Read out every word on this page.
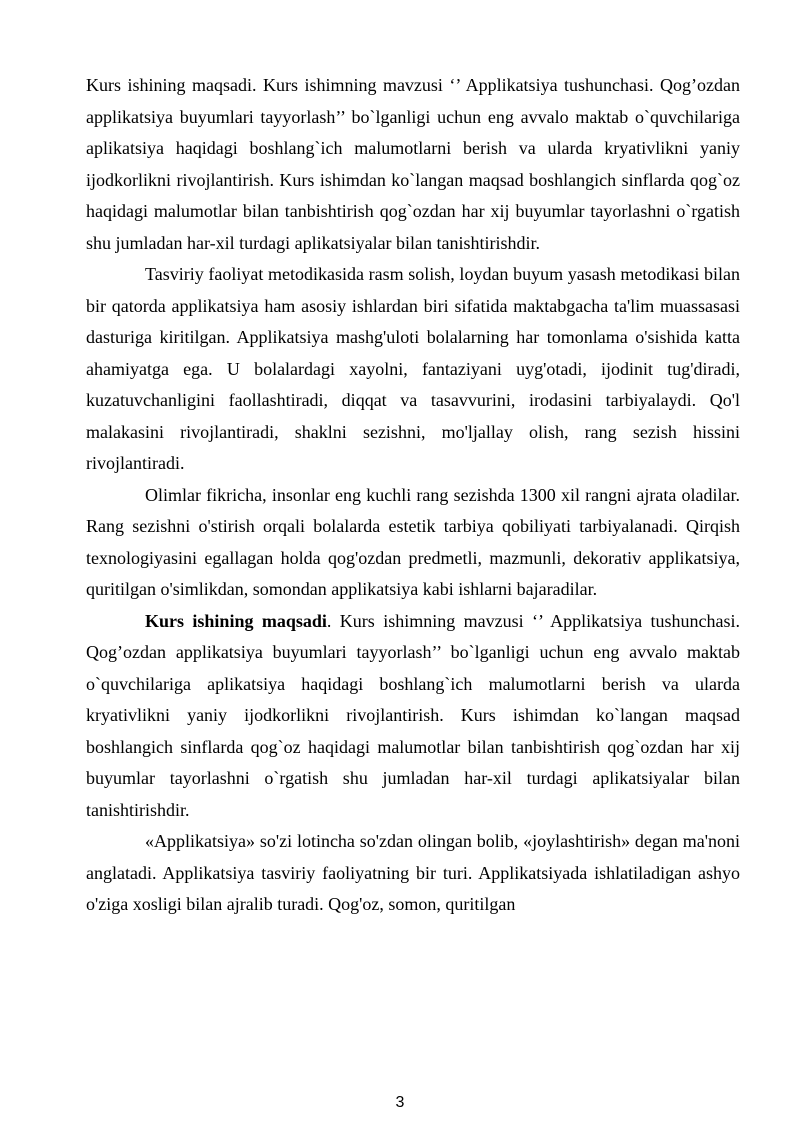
Kurs ishining maqsadi. Kurs ishimning mavzusi ‘’ Applikatsiya tushunchasi. Qog’ozdan applikatsiya buyumlari tayyorlash’’ bo`lganligi uchun eng avvalo maktab o`quvchilariga aplikatsiya haqidagi boshlang`ich malumotlarni berish va ularda kryativlikni yaniy ijodkorlikni rivojlantirish. Kurs ishimdan ko`langan maqsad boshlangich sinflarda qog`oz haqidagi malumotlar bilan tanbishtirish qog`ozdan har xij buyumlar tayorlashni o`rgatish shu jumladan har-xil turdagi aplikatsiyalar bilan tanishtirishdir.

Tasviriy faoliyat metodikasida rasm solish, loydan buyum yasash metodikasi bilan bir qatorda applikatsiya ham asosiy ishlardan biri sifatida maktabgacha ta'lim muassasasi dasturiga kiritilgan. Applikatsiya mashg'uloti bolalarning har tomonlama o'sishida katta ahamiyatga ega. U bolalardagi xayolni, fantaziyani uyg'otadi, ijodinit tug'diradi, kuzatuvchanligini faollashtiradi, diqqat va tasavvurini, irodasini tarbiyalaydi. Qo'l malakasini rivojlantiradi, shaklni sezishni, mo'ljallay olish, rang sezish hissini rivojlantiradi.

Olimlar fikricha, insonlar eng kuchli rang sezishda 1300 xil rangni ajrata oladilar. Rang sezishni o'stirish orqali bolalarda estetik tarbiya qobiliyati tarbiyalanadi. Qirqish texnologiyasini egallagan holda qog'ozdan predmetli, mazmunli, dekorativ applikatsiya, quritilgan o'simlikdan, somondan applikatsiya kabi ishlarni bajaradilar.

Kurs ishining maqsadi. Kurs ishimning mavzusi ‘’ Applikatsiya tushunchasi. Qog’ozdan applikatsiya buyumlari tayyorlash’’ bo`lganligi uchun eng avvalo maktab o`quvchilariga aplikatsiya haqidagi boshlang`ich malumotlarni berish va ularda kryativlikni yaniy ijodkorlikni rivojlantirish. Kurs ishimdan ko`langan maqsad boshlangich sinflarda qog`oz haqidagi malumotlar bilan tanbishtirish qog`ozdan har xij buyumlar tayorlashni o`rgatish shu jumladan har-xil turdagi aplikatsiyalar bilan tanishtirishdir.

«Applikatsiya» so'zi lotincha so'zdan olingan bolib, «joylashtirish» degan ma'noni anglatadi. Applikatsiya tasviriy faoliyatning bir turi. Applikatsiyada ishlatiladigan ashyo o'ziga xosligi bilan ajralib turadi. Qog'oz, somon, quritilgan

3
